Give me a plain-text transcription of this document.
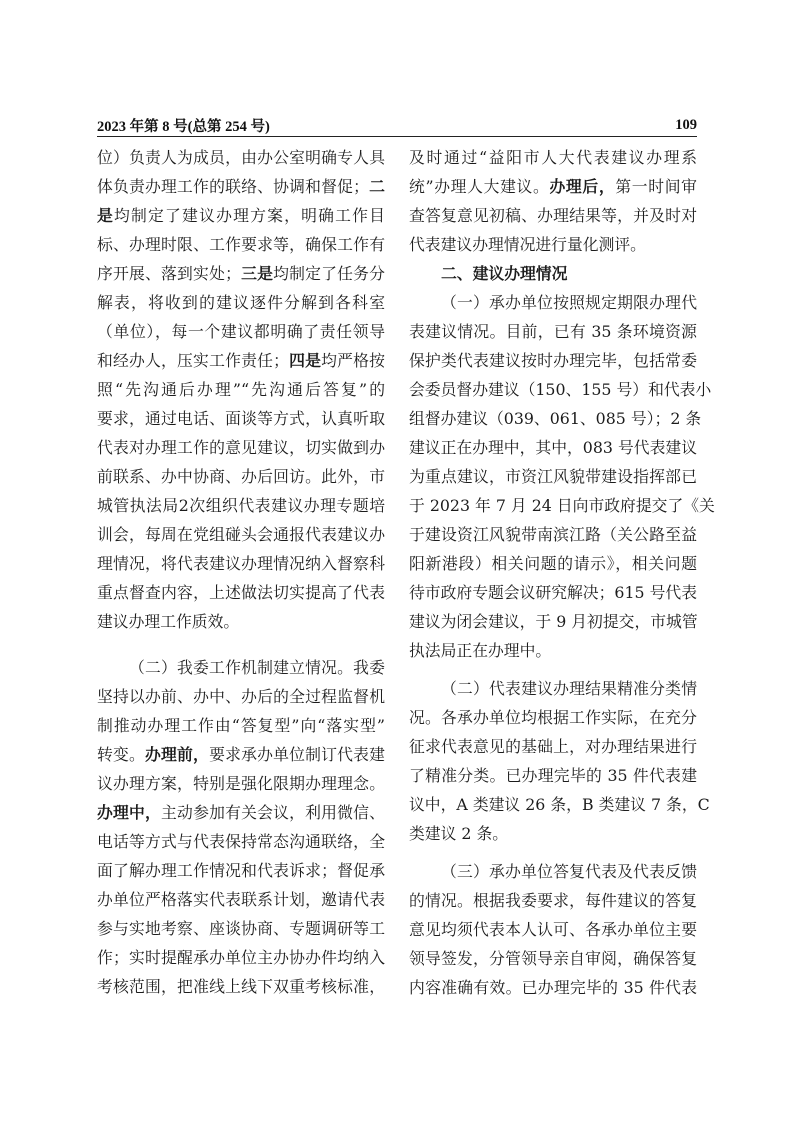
2023 年第 8 号(总第 254 号)	109
位）负责人为成员，由办公室明确专人具
体负责办理工作的联络、协调和督促；二
是均制定了建议办理方案，明确工作目
标、办理时限、工作要求等，确保工作有
序开展、落到实处；三是均制定了任务分
解表，将收到的建议逐件分解到各科室
（单位），每一个建议都明确了责任领导
和经办人，压实工作责任；四是均严格按
照“先沟通后办理”“先沟通后答复”的
要求，通过电话、面谈等方式，认真听取
代表对办理工作的意见建议，切实做到办
前联系、办中协商、办后回访。此外，市
城管执法局2次组织代表建议办理专题培
训会，每周在党组碰头会通报代表建议办
理情况，将代表建议办理情况纳入督察科
重点督查内容，上述做法切实提高了代表
建议办理工作质效。
（二）我委工作机制建立情况。我委
坚持以办前、办中、办后的全过程监督机
制推动办理工作由“答复型”向“落实型”
转变。办理前，要求承办单位制订代表建
议办理方案，特别是强化限期办理理念。
办理中，主动参加有关会议，利用微信、
电话等方式与代表保持常态沟通联络，全
面了解办理工作情况和代表诉求；督促承
办单位严格落实代表联系计划，邀请代表
参与实地考察、座谈协商、专题调研等工
作；实时提醒承办单位主办协办件均纳入
考核范围，把准线上线下双重考核标准，
及时通过“益阳市人大代表建议办理系
统”办理人大建议。办理后，第一时间审
查答复意见初稿、办理结果等，并及时对
代表建议办理情况进行量化测评。
二、建议办理情况
（一）承办单位按照规定期限办理代
表建议情况。目前，已有 35 条环境资源
保护类代表建议按时办理完毕，包括常委
会委员督办建议（150、155 号）和代表小
组督办建议（039、061、085 号）；2 条
建议正在办理中，其中，083 号代表建议
为重点建议，市资江风貌带建设指挥部已
于 2023 年 7 月 24 日向市政府提交了《关
于建设资江风貌带南滨江路（关公路至益
阳新港段）相关问题的请示》，相关问题
待市政府专题会议研究解决；615 号代表
建议为闭会建议，于 9 月初提交，市城管
执法局正在办理中。
（二）代表建议办理结果精准分类情
况。各承办单位均根据工作实际，在充分
征求代表意见的基础上，对办理结果进行
了精准分类。已办理完毕的 35 件代表建
议中，A 类建议 26 条，B 类建议 7 条，C
类建议 2 条。
（三）承办单位答复代表及代表反馈
的情况。根据我委要求，每件建议的答复
意见均须代表本人认可、各承办单位主要
领导签发，分管领导亲自审阅，确保答复
内容准确有效。已办理完毕的 35 件代表
